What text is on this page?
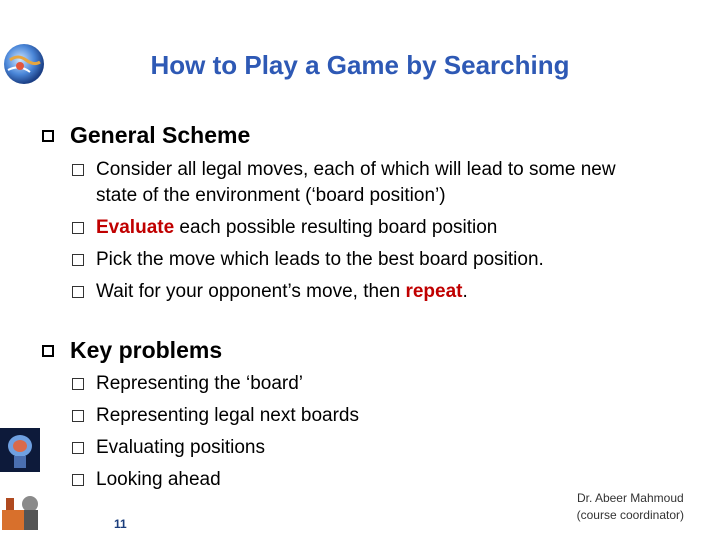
How to Play a Game by Searching
General Scheme
Consider all legal moves, each of which will lead to some new state of the environment (‘board position’)
Evaluate each possible resulting board position
Pick the move which leads to the best board position.
Wait for your opponent’s move, then repeat.
Key problems
Representing the ‘board’
Representing legal next boards
Evaluating positions
Looking ahead
11
Dr. Abeer Mahmoud
(course coordinator)
